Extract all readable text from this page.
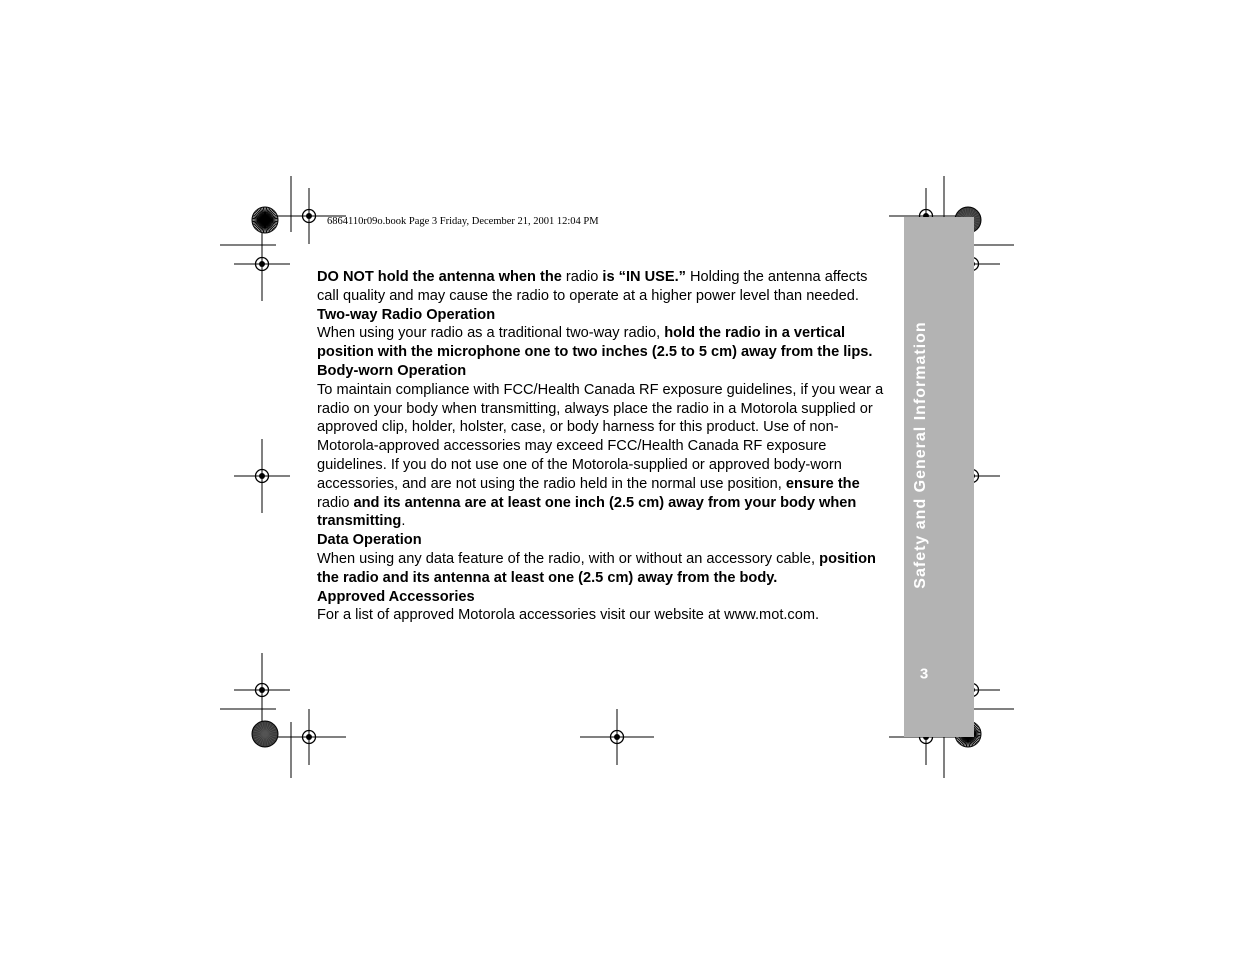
6864110r09o.book Page 3 Friday, December 21, 2001 12:04 PM
Safety and General Information
3

DO NOT hold the antenna when the radio is “IN USE.” Holding the antenna affects call quality and may cause the radio to operate at a higher power level than needed.

Two-way Radio Operation

When using your radio as a traditional two-way radio, hold the radio in a vertical position with the microphone one to two inches (2.5 to 5 cm) away from the lips.

Body-worn Operation

To maintain compliance with FCC/Health Canada RF exposure guidelines, if you wear a radio on your body when transmitting, always place the radio in a Motorola supplied or approved clip, holder, holster, case, or body harness for this product. Use of non-Motorola-approved accessories may exceed FCC/Health Canada RF exposure guidelines. If you do not use one of the Motorola-supplied or approved body-worn accessories, and are not using the radio held in the normal use position, ensure the radio and its antenna are at least one inch (2.5 cm) away from your body when transmitting.

Data Operation

When using any data feature of the radio, with or without an accessory cable, position the radio and its antenna at least one (2.5 cm) away from the body.

Approved Accessories

For a list of approved Motorola accessories visit our website at www.mot.com.
